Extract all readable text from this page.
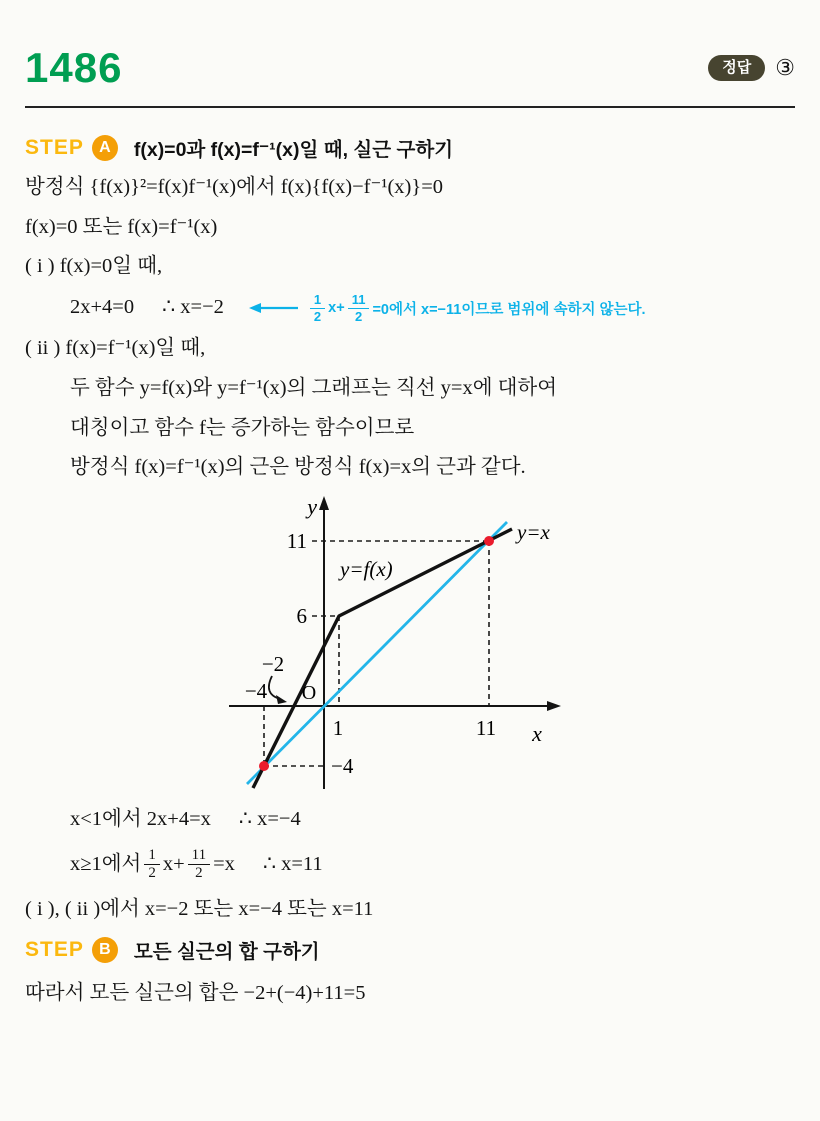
1486	정답	③
STEP A	f(x)=0과 f(x)=f⁻¹(x)일 때, 실근 구하기
방정식 {f(x)}²=f(x)f⁻¹(x)에서 f(x){f(x)−f⁻¹(x)}=0
f(x)=0 또는 f(x)=f⁻¹(x)
( i ) f(x)=0일 때,
2x+4=0 ∴ x=−2	$\frac{1}{2} x+ \frac{11}{2} =0$에서 x=−11이므로 범위에 속하지 않는다.
( ii ) f(x)=f⁻¹(x)일 때,
두 함수 y=f(x)와 y=f⁻¹(x)의 그래프는 직선 y=x에 대하여
대칭이고 함수 f는 증가하는 함수이므로
방정식 f(x)=f⁻¹(x)의 근은 방정식 f(x)=x의 근과 같다.
y
x
O
11
6
−2
−4
1	11
−4
y=x
y=f(x)
x<1에서 2x+4=x ∴ x=−4
x≥1에서 $\frac{1}{2} x+ \frac{11}{2} =x$ ∴ x=11
( i ), ( ii )에서 x=−2 또는 x=−4 또는 x=11
STEP B	모든 실근의 합 구하기
따라서 모든 실근의 합은 −2+(−4)+11=5
